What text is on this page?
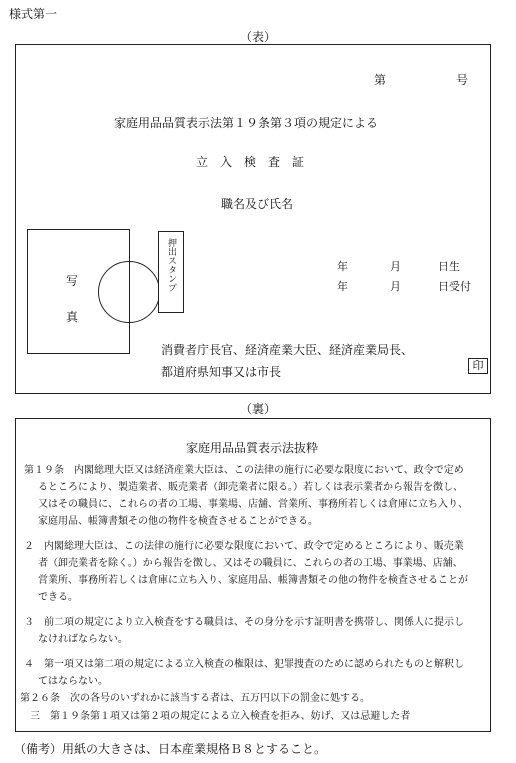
様式第一
（表）
第	号
家庭用品品質表示法第１９条第３項の規定による
立　入　検　査　証
職名及び氏名
写
真
押出スタンプ	年	月	日生
年	月	日受付
消費者庁長官、経済産業大臣、経済産業局長、
都道府県知事又は市長	印
（裏）
家庭用品品質表示法抜粋
第１９条　内閣総理大臣又は経済産業大臣は、この法律の施行に必要な限度において、政令で定め
るところにより、製造業者、販売業者（卸売業者に限る。）若しくは表示業者から報告を徴し、
又はその職員に、これらの者の工場、事業場、店舗、営業所、事務所若しくは倉庫に立ち入り、
家庭用品、帳簿書類その他の物件を検査させることができる。
２　内閣総理大臣は、この法律の施行に必要な限度において、政令で定めるところにより、販売業
者（卸売業者を除く。）から報告を徴し、又はその職員に、これらの者の工場、事業場、店舗、
営業所、事務所若しくは倉庫に立ち入り、家庭用品、帳簿書類その他の物件を検査させることが
できる。
３　前二項の規定により立入検査をする職員は、その身分を示す証明書を携帯し、関係人に提示し
なければならない。
４　第一項又は第二項の規定による立入検査の権限は、犯罪捜査のために認められたものと解釈し
てはならない。
第２６条　次の各号のいずれかに該当する者は、五万円以下の罰金に処する。
三　第１９条第１項又は第２項の規定による立入検査を拒み、妨げ、又は忌避した者
（備考）用紙の大きさは、日本産業規格Ｂ８とすること。
